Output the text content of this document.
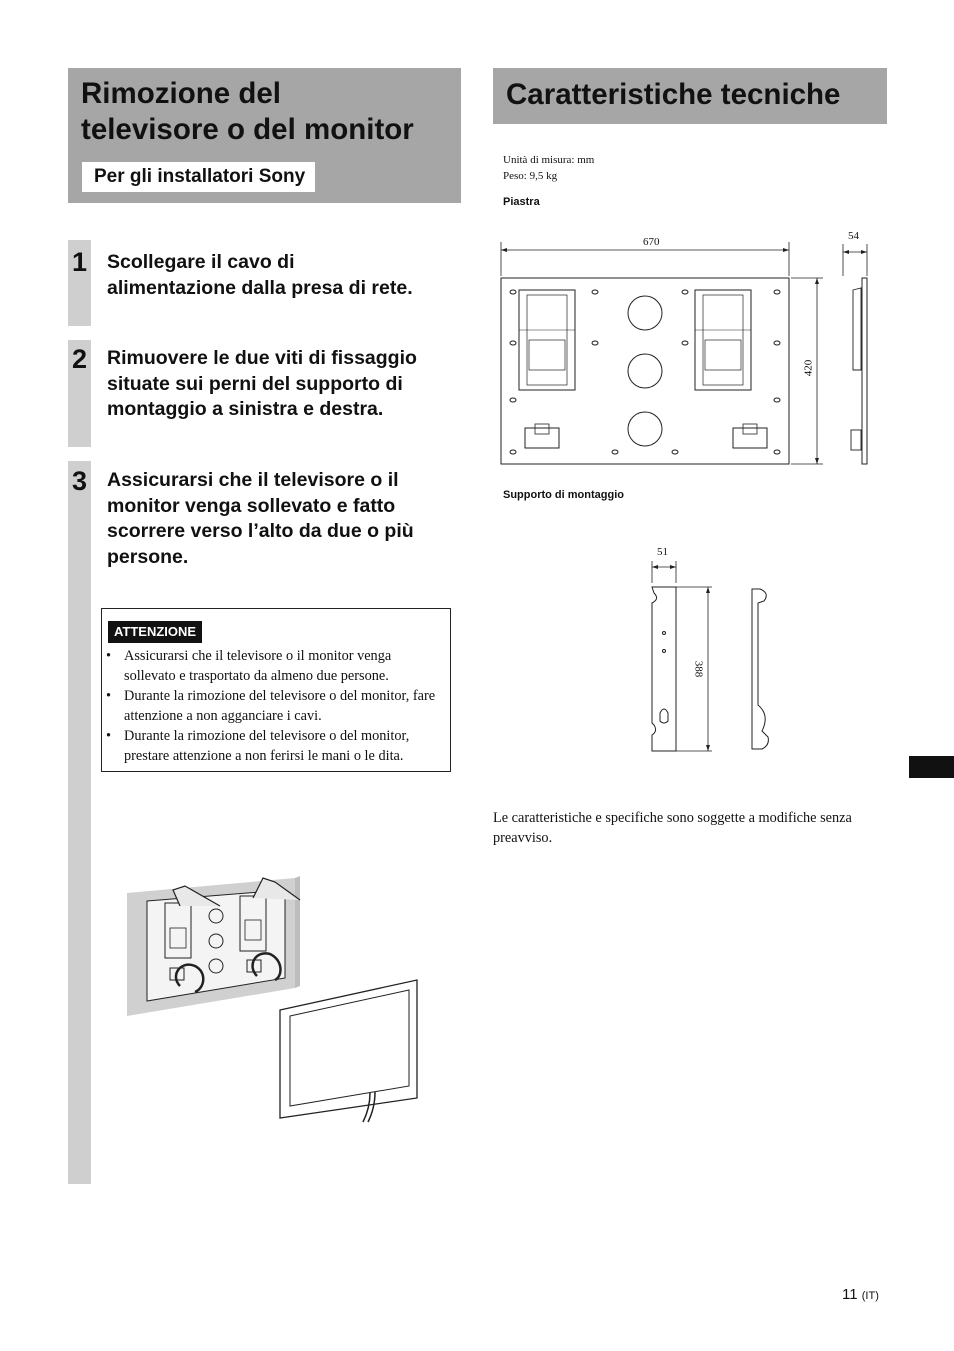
Rimozione del
televisore o del monitor
Per gli installatori Sony
1
2
3
Scollegare il cavo di
alimentazione dalla presa di rete.
Rimuovere le due viti di fissaggio
situate sui perni del supporto di
montaggio a sinistra e destra.
Assicurarsi che il televisore o il
monitor venga sollevato e fatto
scorrere verso l’alto da due o più
persone.
ATTENZIONE
• Assicurarsi che il televisore o il monitor venga sollevato e trasportato da almeno due persone.
• Durante la rimozione del televisore o del monitor, fare attenzione a non agganciare i cavi.
• Durante la rimozione del televisore o del monitor, prestare attenzione a non ferirsi le mani o le dita.
Caratteristiche tecniche
Unità di misura: mm
Peso: 9,5 kg
Piastra
670
420
54
Supporto di montaggio
51
388
Le caratteristiche e specifiche sono soggette a modifiche senza preavviso.
11 (IT)
